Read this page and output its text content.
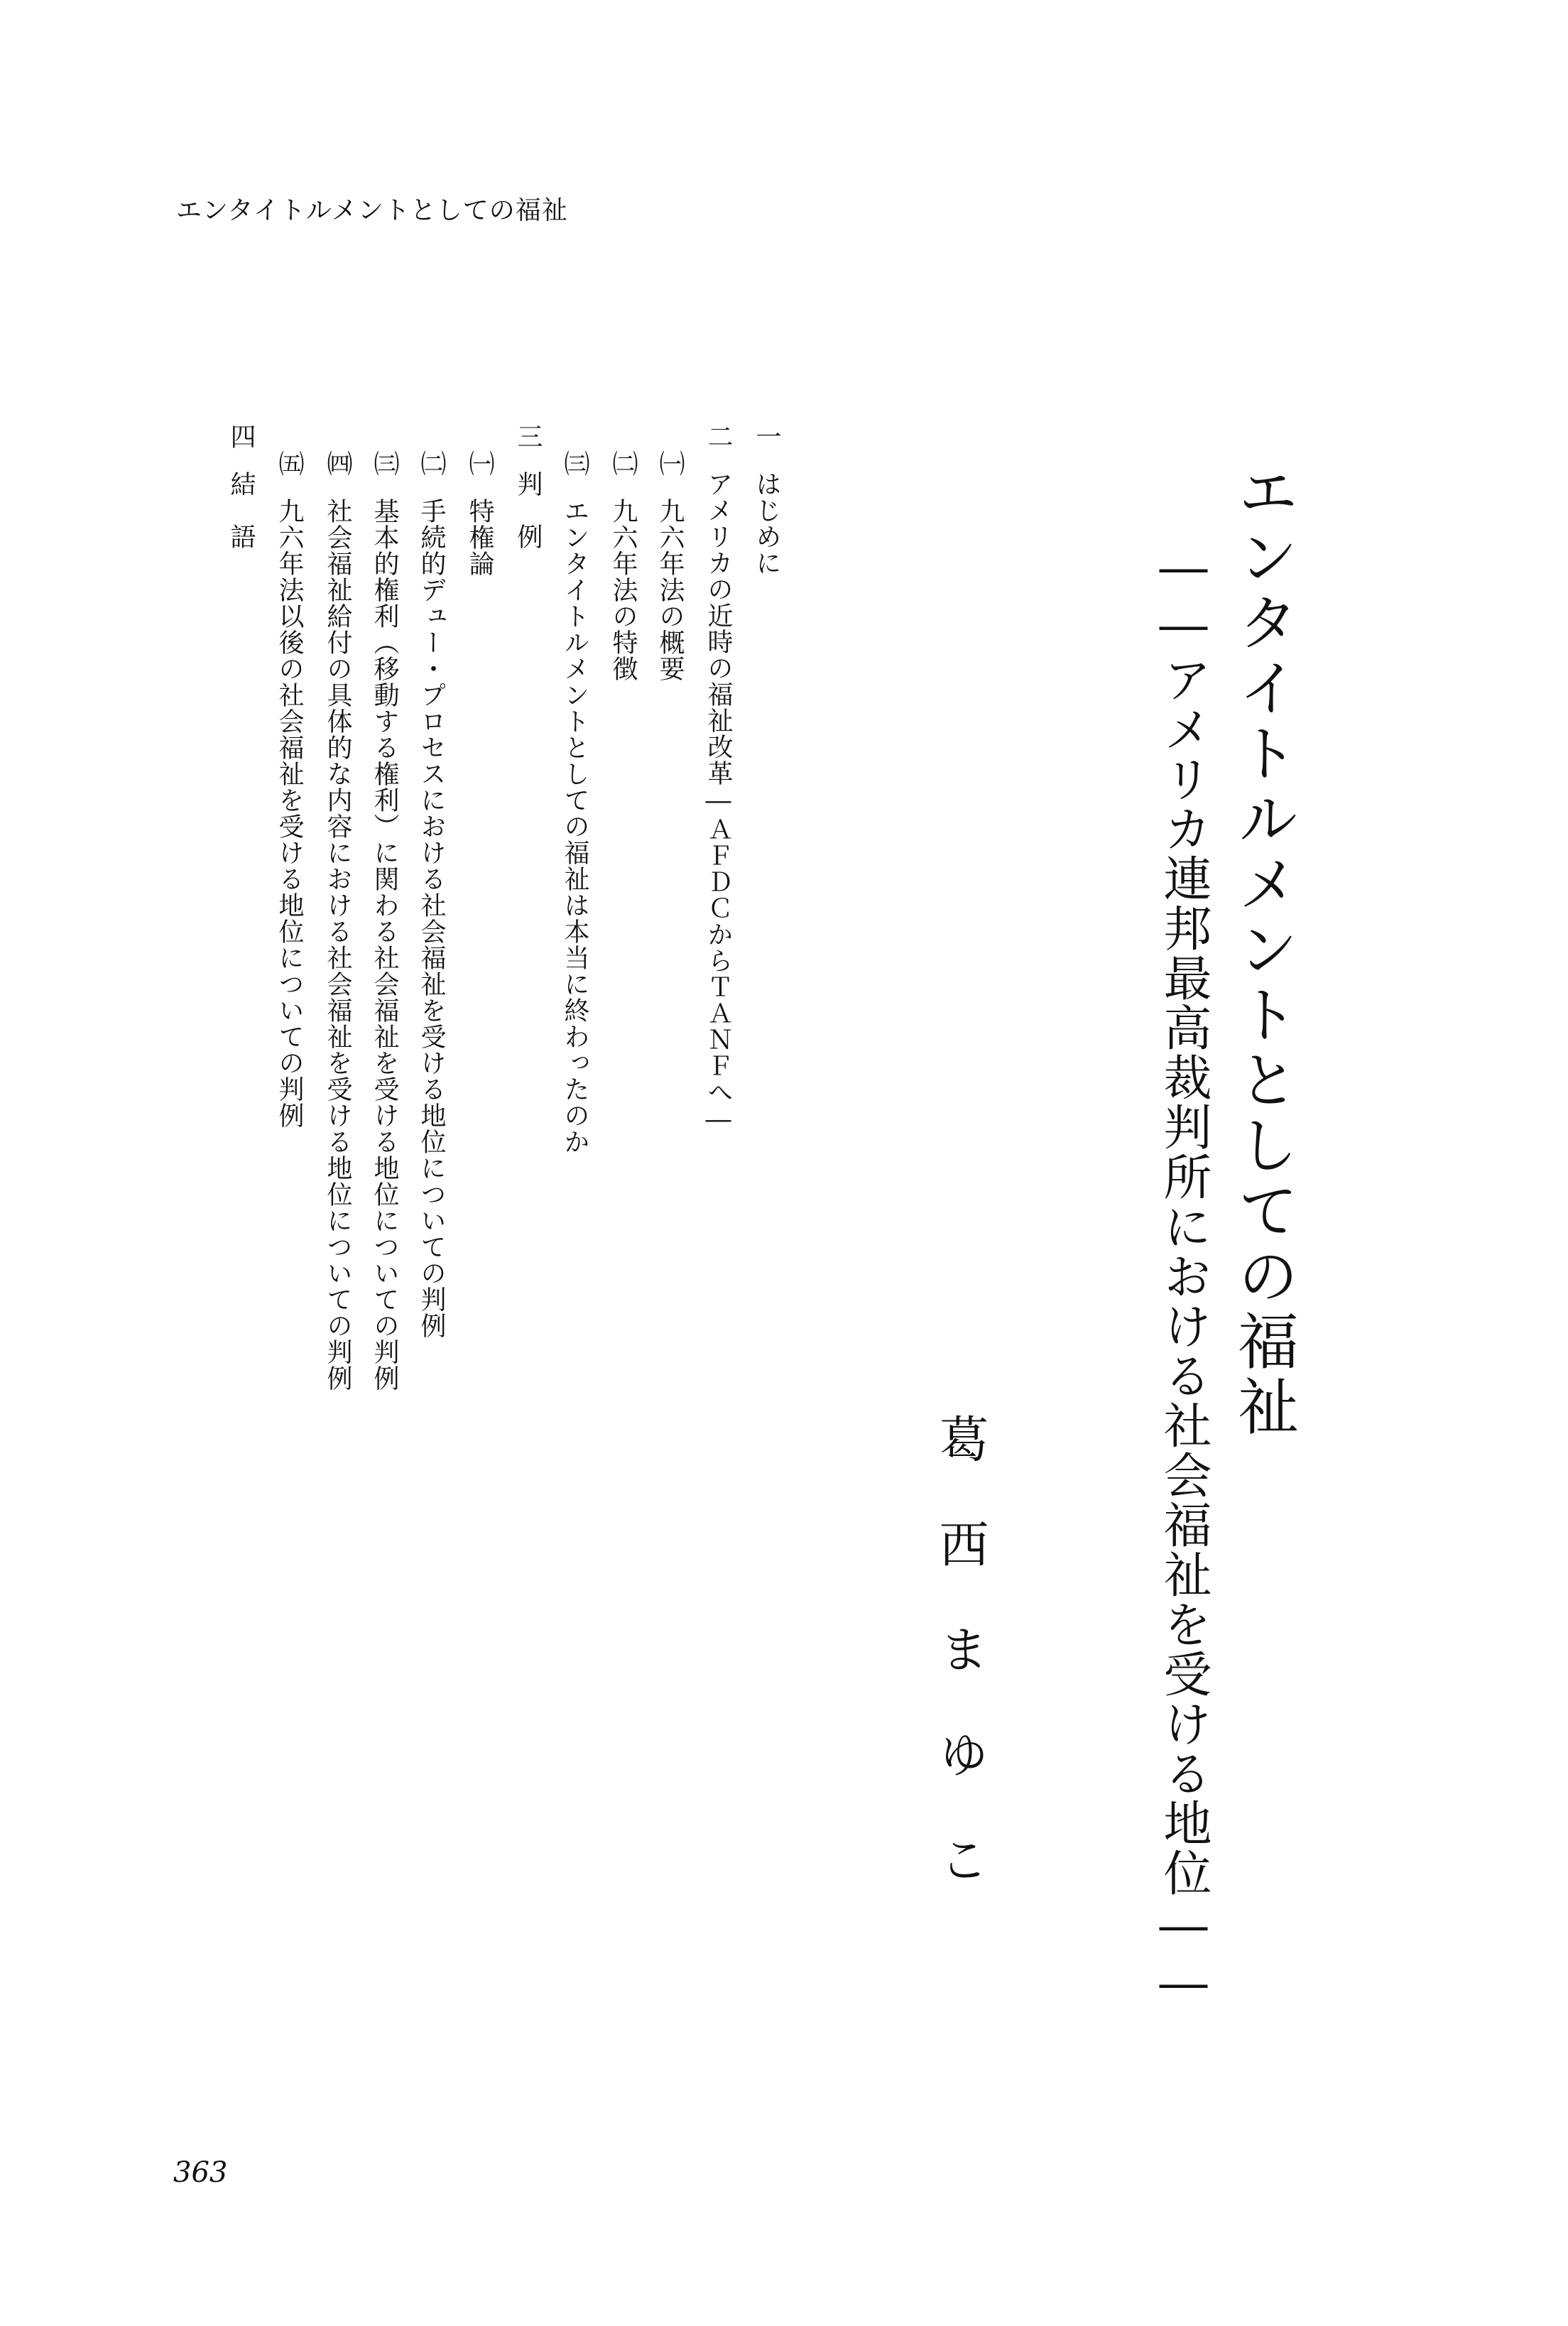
エンタイトルメントとしての福祉
エンタイトルメントとしての福祉
――アメリカ連邦最高裁判所における社会福祉を受ける地位――
葛西まゆこ
一はじめに
二アメリカの近時の福祉改革―ＡＦＤＣからＴＡＮＦへ―
㈠九六年法の概要
㈡九六年法の特徴
㈢エンタイトルメントとしての福祉は本当に終わったのか
三判　例
㈠特権論
㈡手続的デュー・プロセスにおける社会福祉を受ける地位についての判例
㈢基本的権利（移動する権利）に関わる社会福祉を受ける地位についての判例
㈣社会福祉給付の具体的な内容における社会福祉を受ける地位についての判例
㈤九六年法以後の社会福祉を受ける地位についての判例
四結　語
363
